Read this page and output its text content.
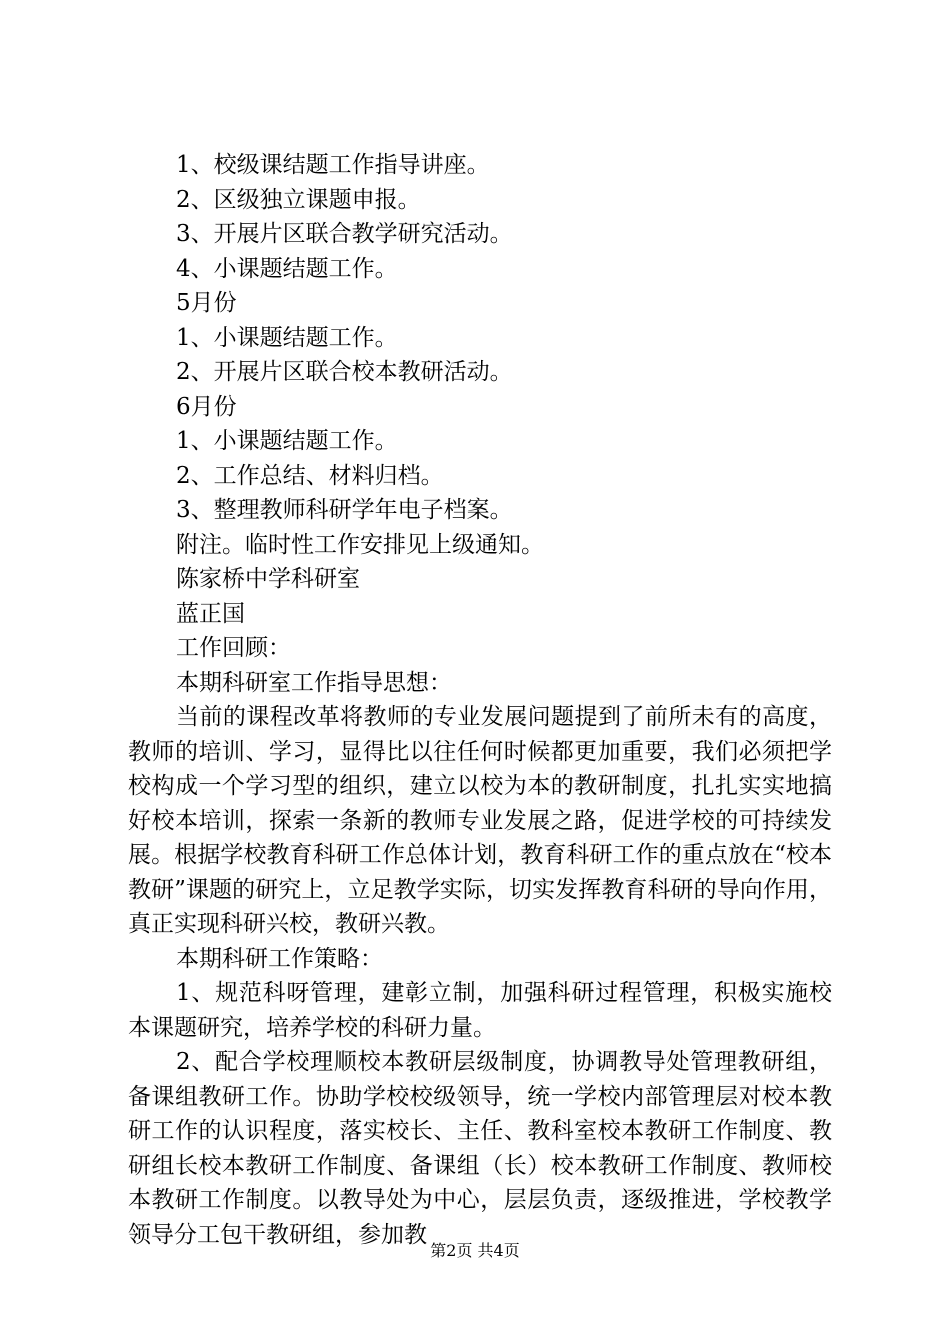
1、校级课结题工作指导讲座。
2、区级独立课题申报。
3、开展片区联合教学研究活动。
4、小课题结题工作。
5月份
1、小课题结题工作。
2、开展片区联合校本教研活动。
6月份
1、小课题结题工作。
2、工作总结、材料归档。
3、整理教师科研学年电子档案。
附注。临时性工作安排见上级通知。
陈家桥中学科研室
蓝正国
工作回顾：
本期科研室工作指导思想：

当前的课程改革将教师的专业发展问题提到了前所未有的高度，教师的培训、学习，显得比以往任何时候都更加重要，我们必须把学校构成一个学习型的组织，建立以校为本的教研制度，扎扎实实地搞好校本培训，探索一条新的教师专业发展之路，促进学校的可持续发展。根据学校教育科研工作总体计划，教育科研工作的重点放在“校本教研”课题的研究上，立足教学实际，切实发挥教育科研的导向作用，真正实现科研兴校，教研兴教。

本期科研工作策略：

1、规范科呀管理，建彰立制，加强科研过程管理，积极实施校本课题研究，培养学校的科研力量。

2、配合学校理顺校本教研层级制度，协调教导处管理教研组，备课组教研工作。协助学校校级领导，统一学校内部管理层对校本教研工作的认识程度，落实校长、主任、教科室校本教研工作制度、教研组长校本教研工作制度、备课组（长）校本教研工作制度、教师校本教研工作制度。以教导处为中心，层层负责，逐级推进，学校教学领导分工包干教研组，参加教

第2页 共4页
